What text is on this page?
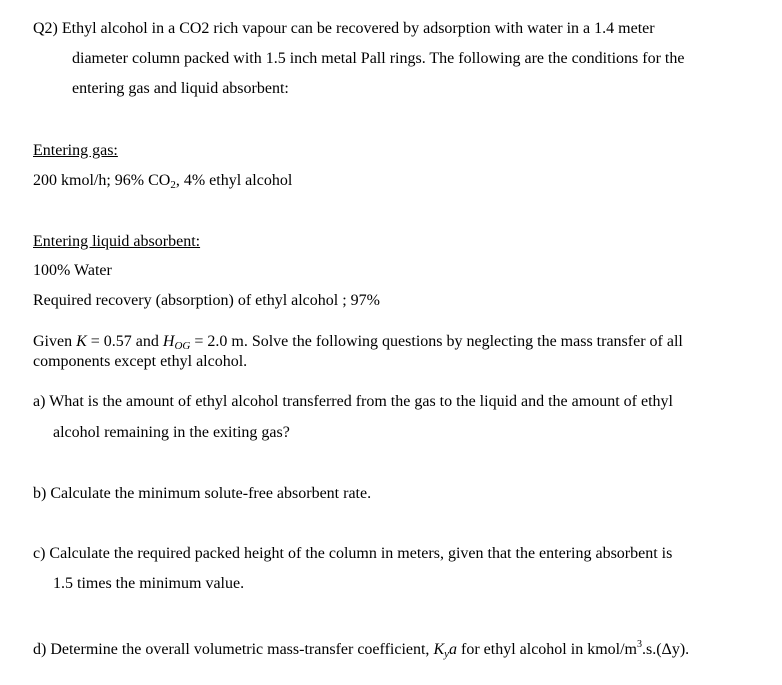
Q2) Ethyl alcohol in a CO2 rich vapour can be recovered by adsorption with water in a 1.4 meter
diameter column packed with 1.5 inch metal Pall rings. The following are the conditions for the
entering gas and liquid absorbent:
Entering gas:
200 kmol/h; 96% $CO_2$, 4% ethyl alcohol
Entering liquid absorbent:
100% Water
Required recovery (absorption) of ethyl alcohol ; 97%
Given K = 0.57 and $H_{OG} = 2.0$ m. Solve the following questions by neglecting the mass transfer of all
components except ethyl alcohol.
a) What is the amount of ethyl alcohol transferred from the gas to the liquid and the amount of ethyl
alcohol remaining in the exiting gas?
b) Calculate the minimum solute-free absorbent rate.
c) Calculate the required packed height of the column in meters, given that the entering absorbent is
1.5 times the minimum value.
d) Determine the overall volumetric mass-transfer coefficient, $K_ya$ for ethyl alcohol in kmol/$m^3.s.(\Delta y)$.
